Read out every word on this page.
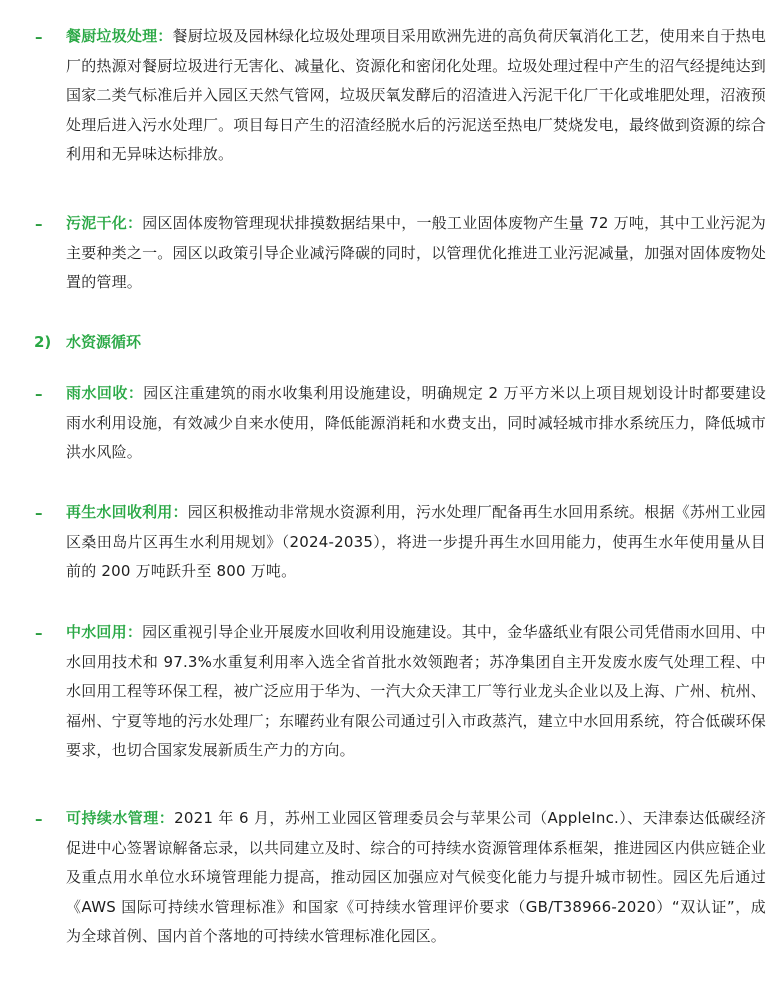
–	餐厨垃圾处理：餐厨垃圾及园林绿化垃圾处理项目采用欧洲先进的高负荷厌氧消化工艺，使用来自于热电厂的热源对餐厨垃圾进行无害化、减量化、资源化和密闭化处理。垃圾处理过程中产生的沼气经提纯达到国家二类气标准后并入园区天然气管网，垃圾厌氧发酵后的沼渣进入污泥干化厂干化或堆肥处理，沼液预处理后进入污水处理厂。项目每日产生的沼渣经脱水后的污泥送至热电厂焚烧发电，最终做到资源的综合利用和无异味达标排放。
–	污泥干化：园区固体废物管理现状排摸数据结果中，一般工业固体废物产生量 72 万吨，其中工业污泥为主要种类之一。园区以政策引导企业减污降碳的同时，以管理优化推进工业污泥减量，加强对固体废物处置的管理。
2) 水资源循环
–	雨水回收：园区注重建筑的雨水收集利用设施建设，明确规定 2 万平方米以上项目规划设计时都要建设雨水利用设施，有效减少自来水使用，降低能源消耗和水费支出，同时减轻城市排水系统压力，降低城市洪水风险。
–	再生水回收利用：园区积极推动非常规水资源利用，污水处理厂配备再生水回用系统。根据《苏州工业园区桑田岛片区再生水利用规划》（2024-2035），将进一步提升再生水回用能力，使再生水年使用量从目前的 200 万吨跃升至 800 万吨。
–	中水回用：园区重视引导企业开展废水回收利用设施建设。其中，金华盛纸业有限公司凭借雨水回用、中水回用技术和 97.3%水重复利用率入选全省首批水效领跑者；苏净集团自主开发废水废气处理工程、中水回用工程等环保工程，被广泛应用于华为、一汽大众天津工厂等行业龙头企业以及上海、广州、杭州、福州、宁夏等地的污水处理厂；东曜药业有限公司通过引入市政蒸汽，建立中水回用系统，符合低碳环保要求，也切合国家发展新质生产力的方向。
–	可持续水管理：2021 年 6 月，苏州工业园区管理委员会与苹果公司（AppleInc.）、天津泰达低碳经济促进中心签署谅解备忘录，以共同建立及时、综合的可持续水资源管理体系框架，推进园区内供应链企业及重点用水单位水环境管理能力提高，推动园区加强应对气候变化能力与提升城市韧性。园区先后通过《AWS 国际可持续水管理标准》和国家《可持续水管理评价要求（GB/T38966-2020）“双认证”，成为全球首例、国内首个落地的可持续水管理标准化园区。
